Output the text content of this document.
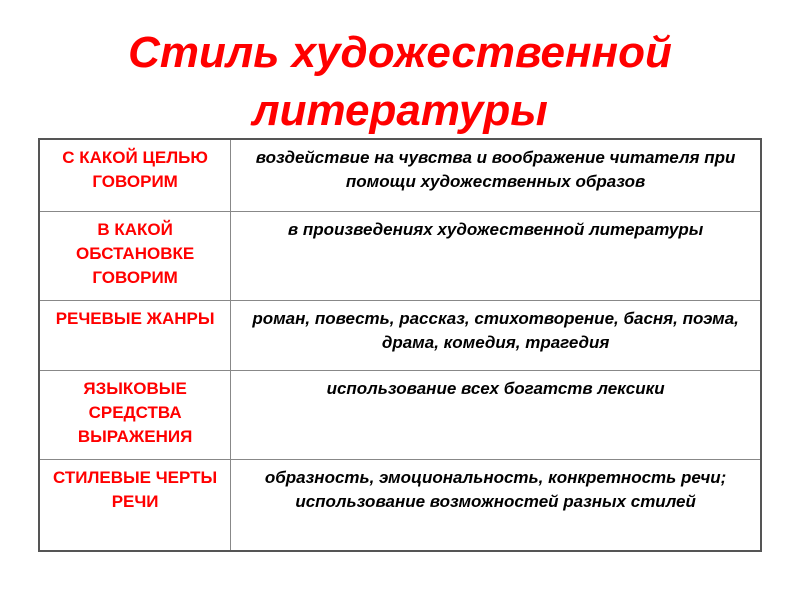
Стиль художественной
литературы
С КАКОЙ ЦЕЛЬЮ ГОВОРИМ	воздействие на чувства и воображение читателя при помощи художественных образов
В КАКОЙ ОБСТАНОВКЕ ГОВОРИМ	в произведениях художественной литературы
РЕЧЕВЫЕ ЖАНРЫ	роман, повесть, рассказ, стихотворение, басня, поэма, драма, комедия, трагедия
ЯЗЫКОВЫЕ СРЕДСТВА ВЫРАЖЕНИЯ	использование всех богатств лексики
СТИЛЕВЫЕ ЧЕРТЫ РЕЧИ	образность, эмоциональность, конкретность речи; использование возможностей разных стилей
